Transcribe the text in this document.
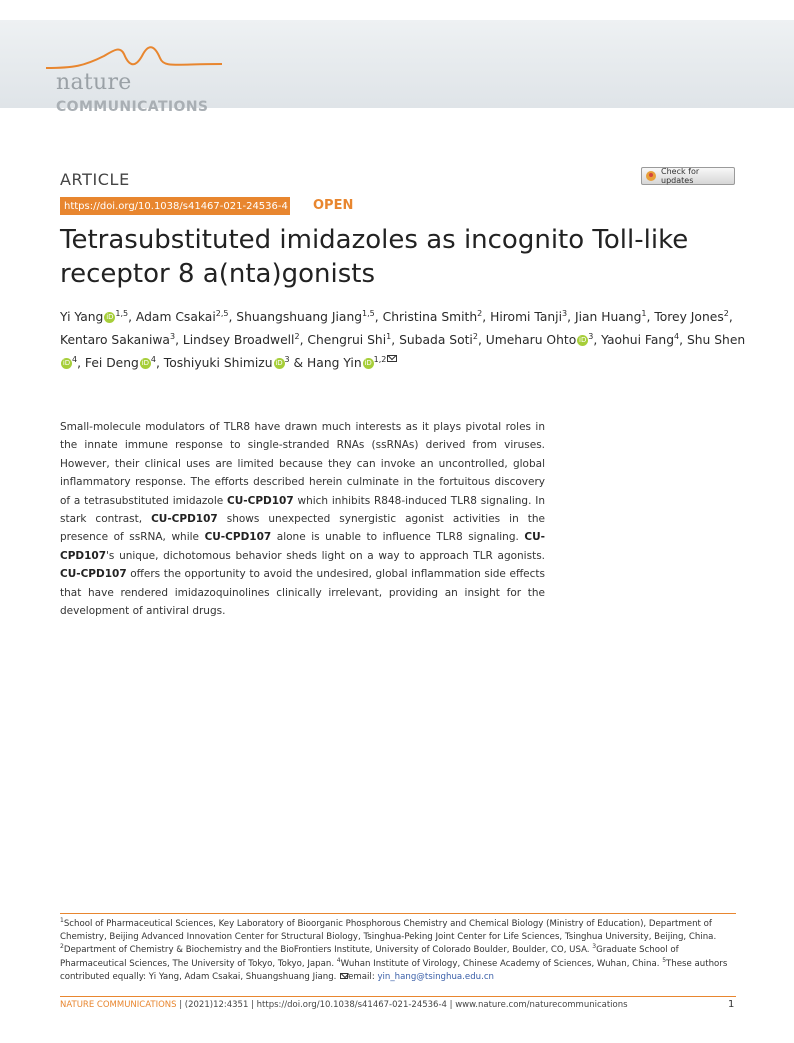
nature
COMMUNICATIONS
ARTICLE	Check for updates
https://doi.org/10.1038/s41467-021-24536-4 OPEN
Tetrasubstituted imidazoles as incognito Toll-like receptor 8 a(nta)gonists
Yi Yang iD $^{1,5}$, Adam Csakai$^{2,5}$, Shuangshuang Jiang$^{1,5}$, Christina Smith$^2$, Hiromi Tanji$^3$, Jian Huang$^1$, Torey Jones$^2$, Kentaro Sakaniwa$^3$, Lindsey Broadwell$^2$, Chengrui Shi$^1$, Subada Soti$^2$, Umeharu Ohto iD $^3$, Yaohui Fang$^4$, Shu SheniD $^4$, Fei Deng iD $^4$, Toshiyuki Shimizu iD $^3$ & Hang Yin iD $^{1,2}$

Small-molecule modulators of TLR8 have drawn much interests as it plays pivotal roles in the innate immune response to single-stranded RNAs (ssRNAs) derived from viruses. However, their clinical uses are limited because they can invoke an uncontrolled, global inflammatory response. The efforts described herein culminate in the fortuitous discovery of a tetrasubstituted imidazole CU-CPD107 which inhibits R848-induced TLR8 signaling. In stark contrast, CU-CPD107 shows unexpected synergistic agonist activities in the presence of ssRNA, while CU-CPD107 alone is unable to influence TLR8 signaling. CU-CPD107's unique, dichotomous behavior sheds light on a way to approach TLR agonists. CU-CPD107 offers the opportunity to avoid the undesired, global inflammation side effects that have rendered imidazoquinolines clinically irrelevant, providing an insight for the development of antiviral drugs.

$^1$School of Pharmaceutical Sciences, Key Laboratory of Bioorganic Phosphorous Chemistry and Chemical Biology (Ministry of Education), Department of Chemistry, Beijing Advanced Innovation Center for Structural Biology, Tsinghua-Peking Joint Center for Life Sciences, Tsinghua University, Beijing, China. $^2$Department of Chemistry & Biochemistry and the BioFrontiers Institute, University of Colorado Boulder, Boulder, CO, USA. $^3$Graduate School of Pharmaceutical Sciences, The University of Tokyo, Tokyo, Japan. $^4$Wuhan Institute of Virology, Chinese Academy of Sciences, Wuhan, China. $^5$These authors contributed equally: Yi Yang, Adam Csakai, Shuangshuang Jiang. email: yin_hang@tsinghua.edu.cn

NATURE COMMUNICATIONS | (2021)12:4351 | https://doi.org/10.1038/s41467-021-24536-4 | www.nature.com/naturecommunications	1
